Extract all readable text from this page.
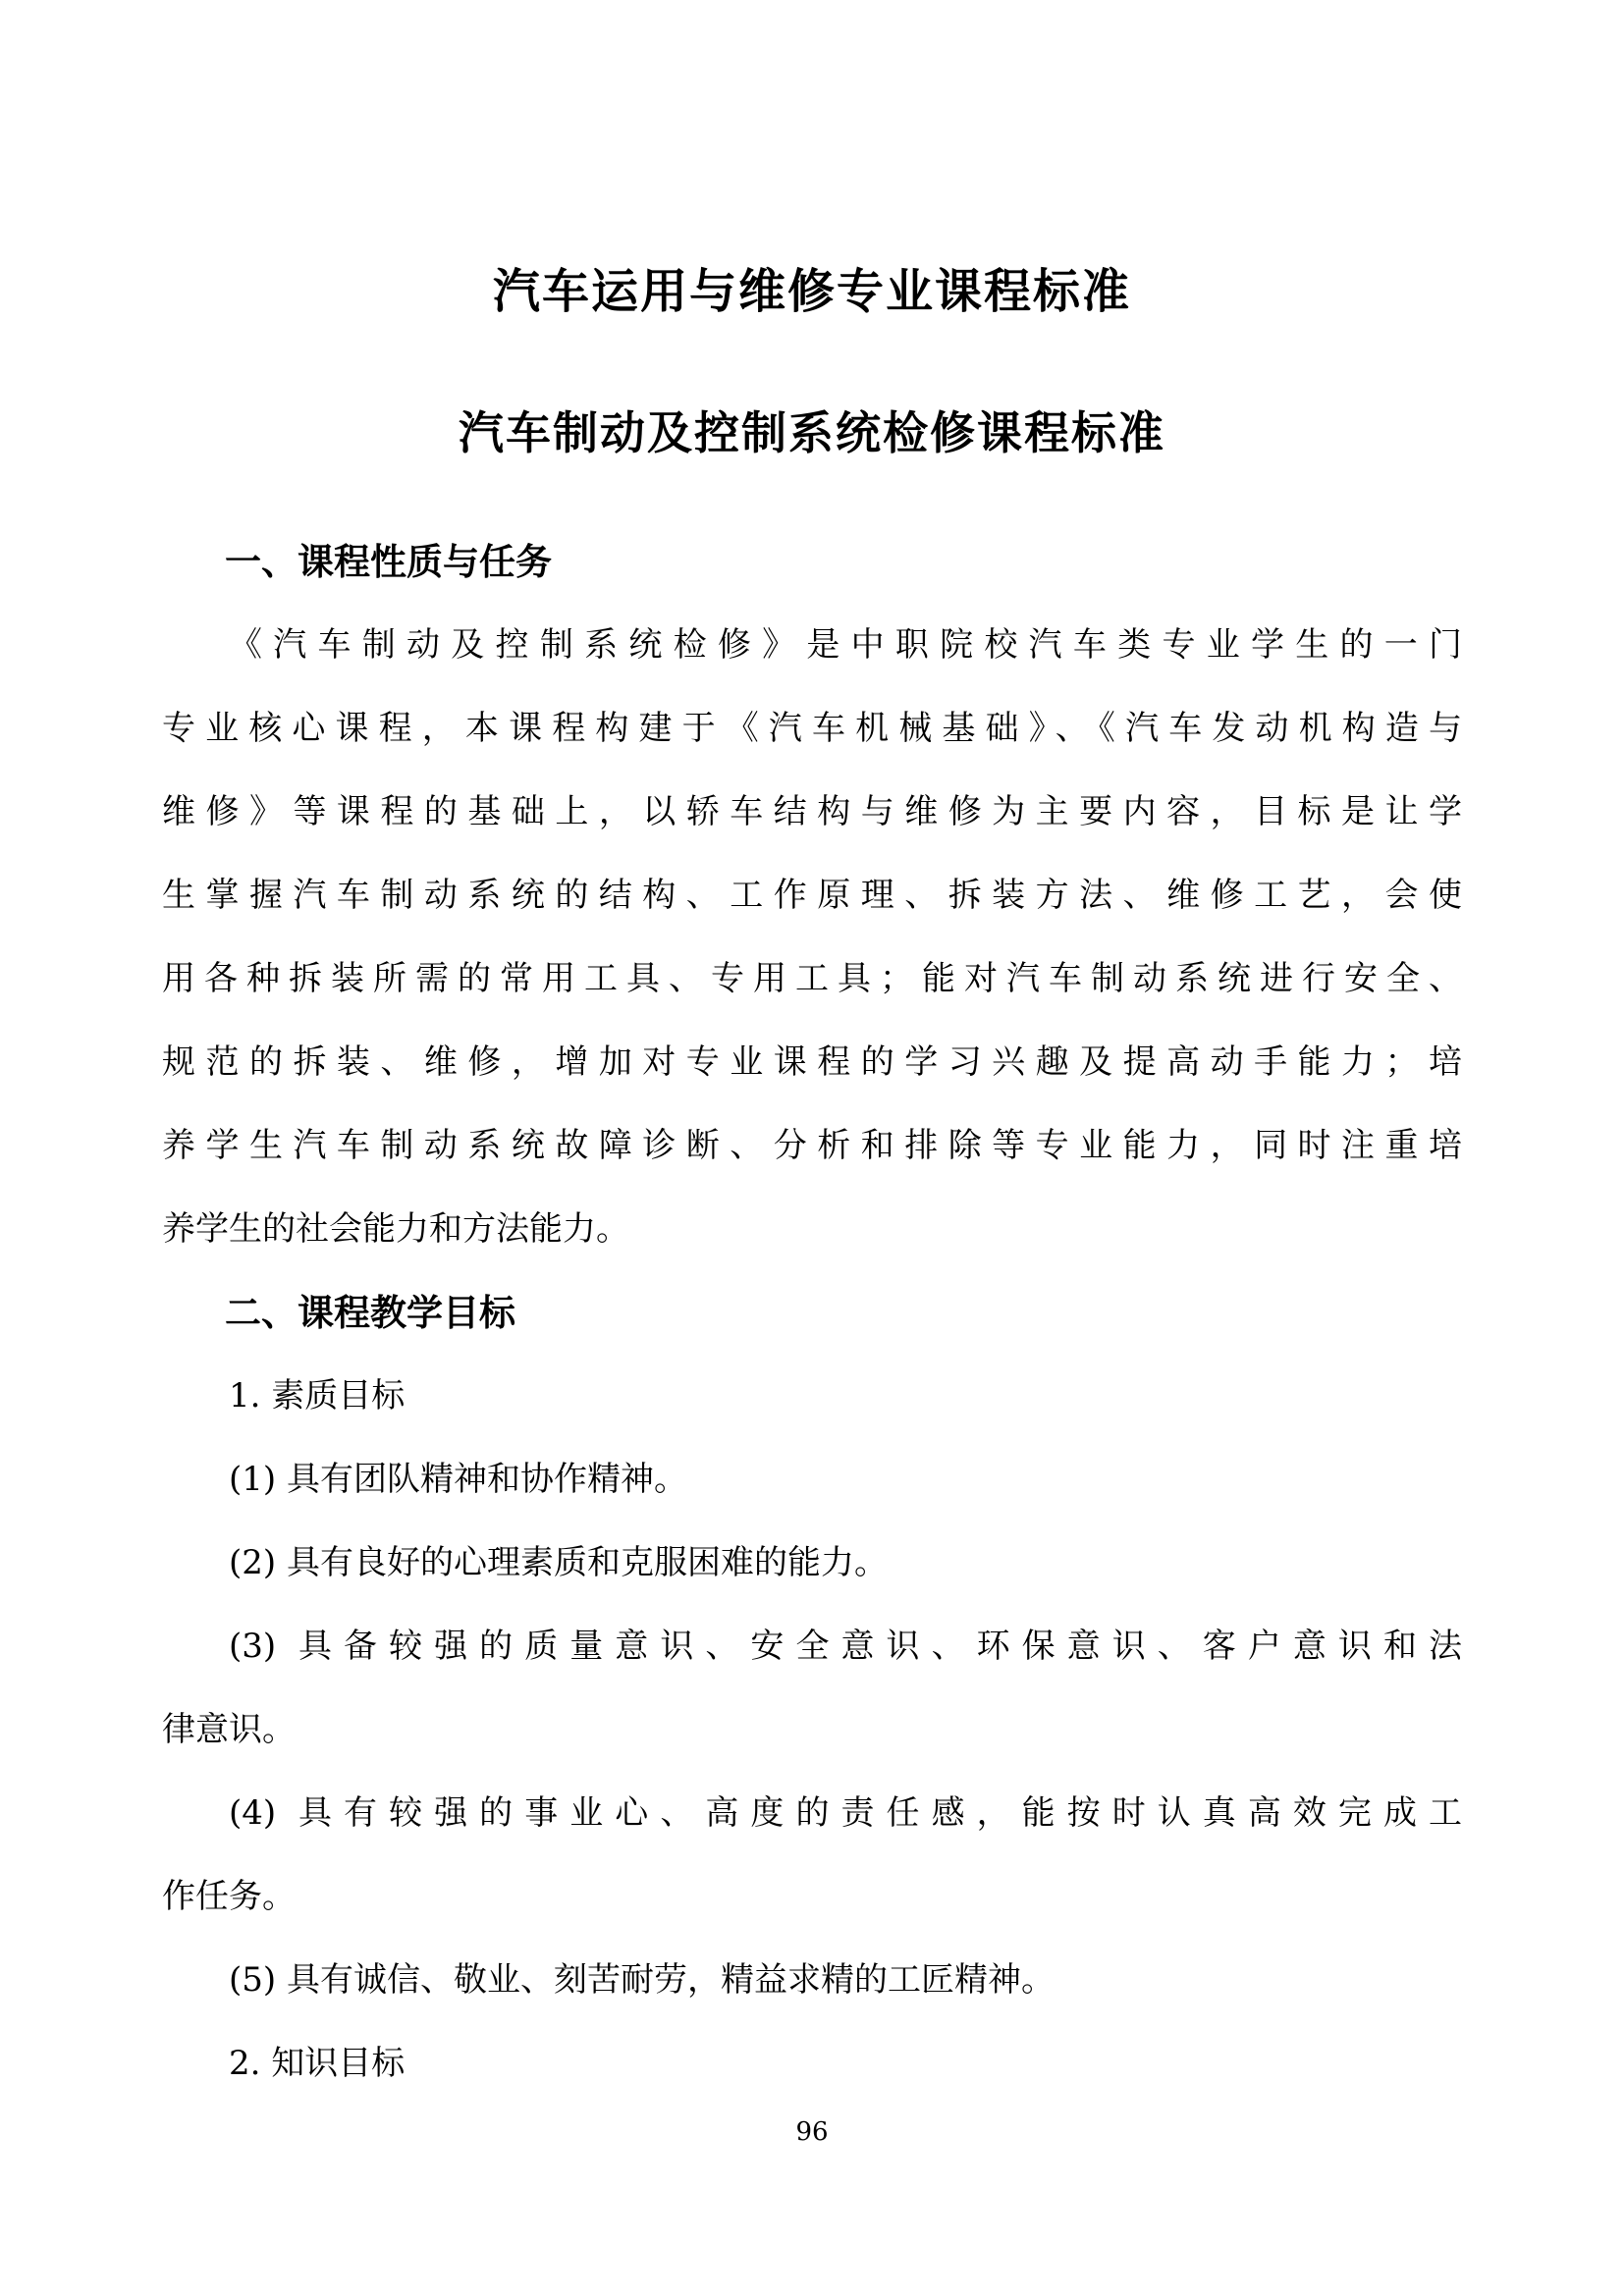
汽车运用与维修专业课程标准
汽车制动及控制系统检修课程标准
一、课程性质与任务
《汽车制动及控制系统检修》是中职院校汽车类专业学生的一门
专业核心课程，本课程构建于《汽车机械基础》、《汽车发动机构造与
维修》等课程的基础上，以轿车结构与维修为主要内容，目标是让学
生掌握汽车制动系统的结构、工作原理、拆装方法、维修工艺，会使
用各种拆装所需的常用工具、专用工具；能对汽车制动系统进行安全、
规范的拆装、维修，增加对专业课程的学习兴趣及提高动手能力；培
养学生汽车制动系统故障诊断、分析和排除等专业能力，同时注重培
养学生的社会能力和方法能力。
二、课程教学目标
1. 素质目标
(1) 具有团队精神和协作精神。
(2) 具有良好的心理素质和克服困难的能力。
(3) 具备较强的质量意识、安全意识、环保意识、客户意识和法
律意识。
(4) 具有较强的事业心、高度的责任感，能按时认真高效完成工
作任务。
(5) 具有诚信、敬业、刻苦耐劳，精益求精的工匠精神。
2. 知识目标
96
